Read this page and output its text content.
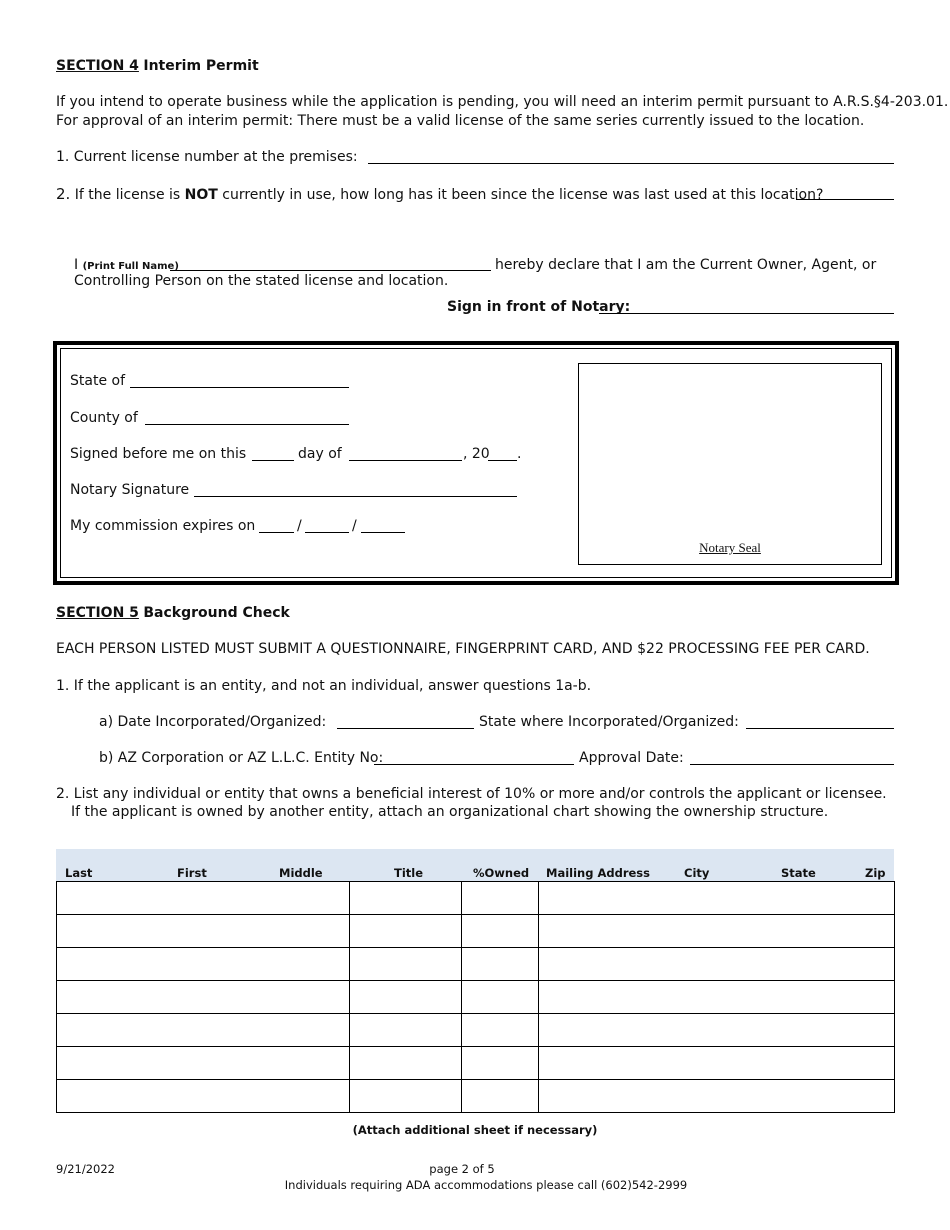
SECTION 4 Interim Permit
If you intend to operate business while the application is pending, you will need an interim permit pursuant to A.R.S.§4-203.01.
For approval of an interim permit: There must be a valid license of the same series currently issued to the location.
1. Current license number at the premises:
2. If the license is NOT currently in use, how long has it been since the license was last used at this location?
I (Print Full Name)	hereby declare that I am the Current Owner, Agent, or
Controlling Person on the stated license and location.
Sign in front of Notary:
State of
County of
Signed before me on this	day of	, 20 .
Notary Signature
My commission expires on	/	/
Notary Seal
SECTION 5 Background Check
EACH PERSON LISTED MUST SUBMIT A QUESTIONNAIRE, FINGERPRINT CARD, AND $22 PROCESSING FEE PER CARD.
1. If the applicant is an entity, and not an individual, answer questions 1a-b.
a) Date Incorporated/Organized:	State where Incorporated/Organized:
b) AZ Corporation or AZ L.L.C. Entity No:	Approval Date:
2. List any individual or entity that owns a beneficial interest of 10% or more and/or controls the applicant or licensee.
If the applicant is owned by another entity, attach an organizational chart showing the ownership structure.
Last	First	Middle	Title	%Owned Mailing Address	City	State	Zip

(Attach additional sheet if necessary)
9/21/2022	page 2 of 5
Individuals requiring ADA accommodations please call (602)542-2999
